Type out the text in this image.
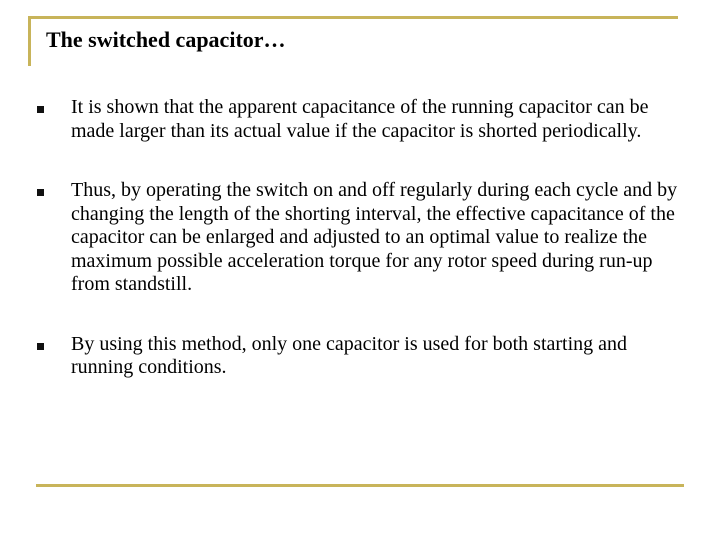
The switched capacitor…
It is shown that the apparent capacitance of the running capacitor can be made larger than its actual value if the capacitor is shorted periodically.
Thus, by operating the switch on and off regularly during each cycle and by changing the length of the shorting interval, the effective capacitance of the capacitor can be enlarged and adjusted to an optimal value to realize the maximum possible acceleration torque for any rotor speed during run-up from standstill.
By using this method, only one capacitor is used for both starting and running conditions.
